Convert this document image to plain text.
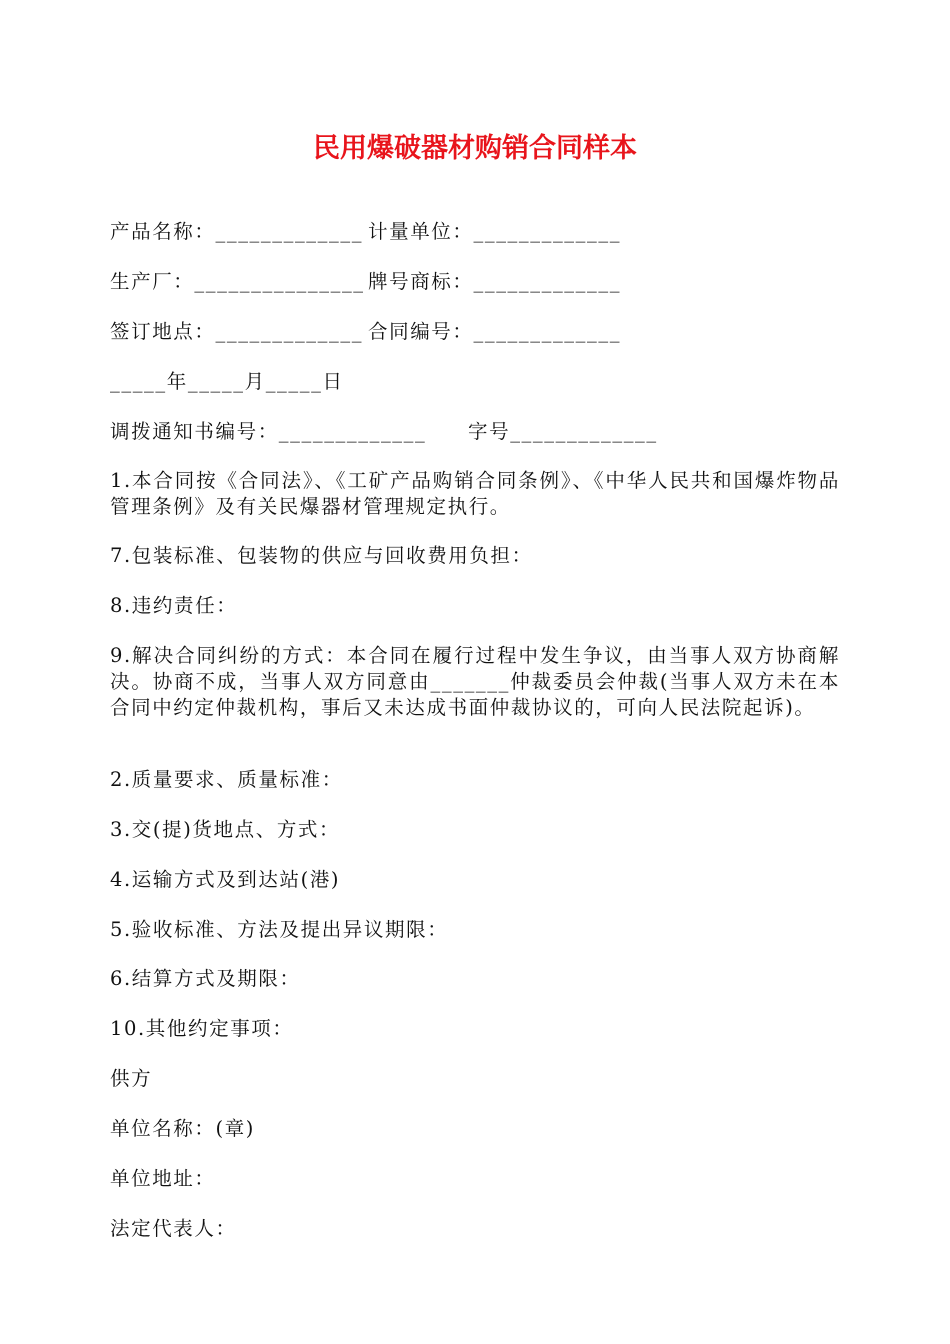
民用爆破器材购销合同样本
产品名称：_____________ 计量单位：_____________
生产厂：_______________ 牌号商标：_____________
签订地点：_____________ 合同编号：_____________
_____年_____月_____日
调拨通知书编号：_____________ 字号_____________
1.本合同按《合同法》、《工矿产品购销合同条例》、《中华人民共和国爆炸物品管理条例》及有关民爆器材管理规定执行。
7.包装标准、包装物的供应与回收费用负担：
8.违约责任：
9.解决合同纠纷的方式：本合同在履行过程中发生争议，由当事人双方协商解决。协商不成，当事人双方同意由_______仲裁委员会仲裁(当事人双方未在本合同中约定仲裁机构，事后又未达成书面仲裁协议的，可向人民法院起诉)。
2.质量要求、质量标准：
3.交(提)货地点、方式：
4.运输方式及到达站(港)
5.验收标准、方法及提出异议期限：
6.结算方式及期限：
10.其他约定事项：
供方
单位名称：(章)
单位地址：
法定代表人：
